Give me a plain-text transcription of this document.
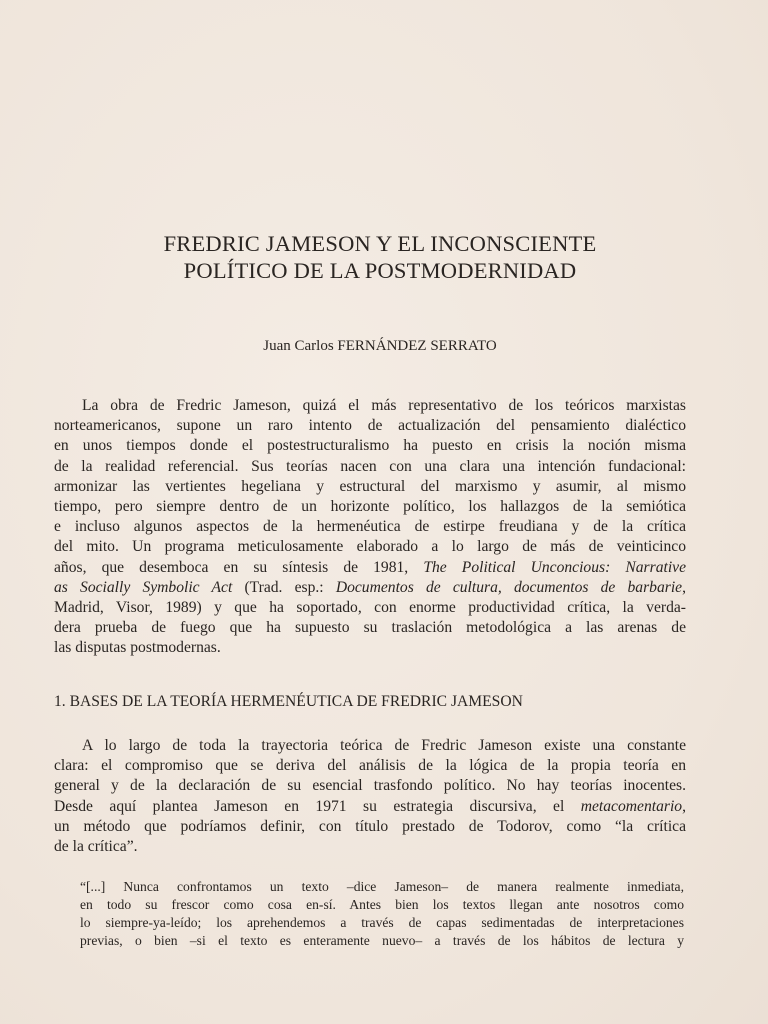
FREDRIC JAMESON Y EL INCONSCIENTE
POLÍTICO DE LA POSTMODERNIDAD

Juan Carlos FERNÁNDEZ SERRATO

La obra de Fredric Jameson, quizá el más representativo de los teóricos marxistas
norteamericanos, supone un raro intento de actualización del pensamiento dialéctico
en unos tiempos donde el postestructuralismo ha puesto en crisis la noción misma
de la realidad referencial. Sus teorías nacen con una clara una intención fundacional:
armonizar las vertientes hegeliana y estructural del marxismo y asumir, al mismo
tiempo, pero siempre dentro de un horizonte político, los hallazgos de la semiótica
e incluso algunos aspectos de la hermenéutica de estirpe freudiana y de la crítica
del mito. Un programa meticulosamente elaborado a lo largo de más de veinticinco
años, que desemboca en su síntesis de 1981, The Political Unconcious: Narrative
as Socially Symbolic Act (Trad. esp.: Documentos de cultura, documentos de barbarie,
Madrid, Visor, 1989) y que ha soportado, con enorme productividad crítica, la verda-
dera prueba de fuego que ha supuesto su traslación metodológica a las arenas de
las disputas postmodernas.
1. BASES DE LA TEORÍA HERMENÉUTICA DE FREDRIC JAMESON
A lo largo de toda la trayectoria teórica de Fredric Jameson existe una constante
clara: el compromiso que se deriva del análisis de la lógica de la propia teoría en
general y de la declaración de su esencial trasfondo político. No hay teorías inocentes.
Desde aquí plantea Jameson en 1971 su estrategia discursiva, el metacomentario,
un método que podríamos definir, con título prestado de Todorov, como “la crítica
de la crítica”.
“[...] Nunca confrontamos un texto –dice Jameson– de manera realmente inmediata,
en todo su frescor como cosa en-sí. Antes bien los textos llegan ante nosotros como
lo siempre-ya-leído; los aprehendemos a través de capas sedimentadas de interpretaciones
previas, o bien –si el texto es enteramente nuevo– a través de los hábitos de lectura y
